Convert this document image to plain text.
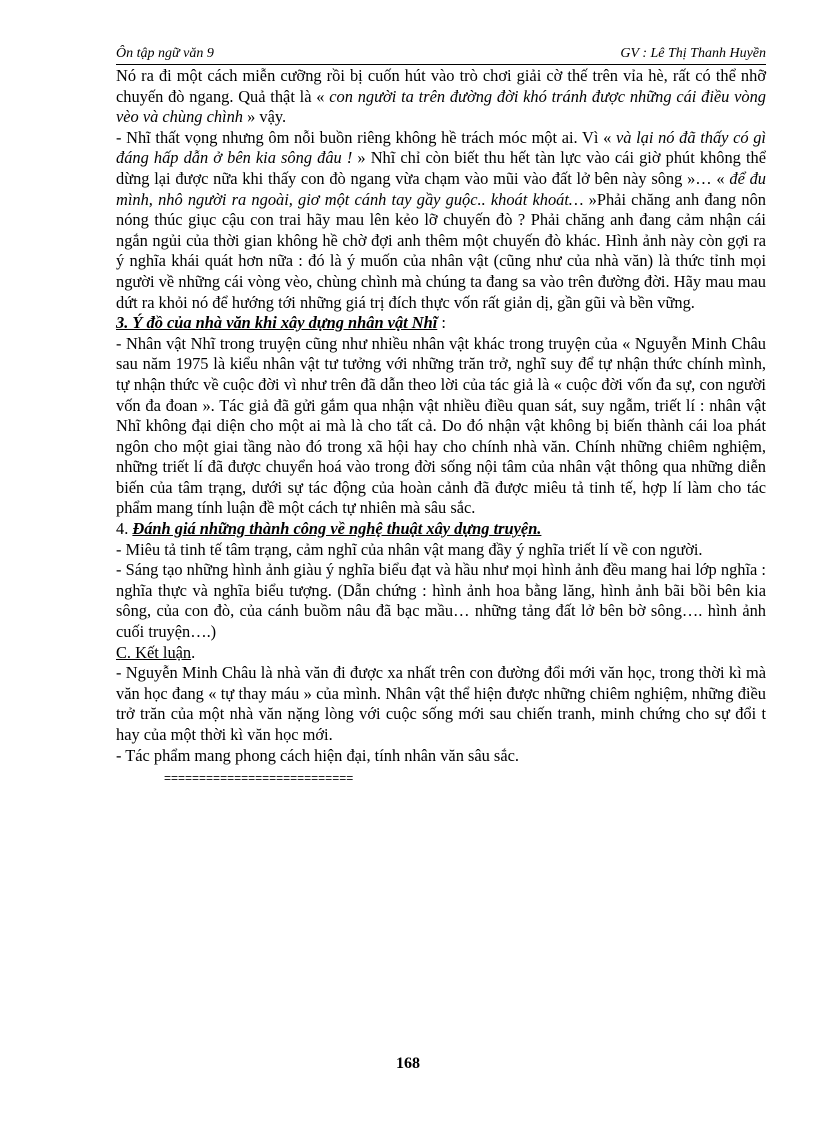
Ôn tập ngữ văn 9	GV : Lê Thị Thanh Huyền

Nó ra đi một cách miễn cưỡng rồi bị cuốn hút vào trò chơi giải cờ thế trên vỉa hè, rất có thể nhỡ chuyến đò ngang. Quả thật là « con người ta trên đường đời khó tránh được những cái điều vòng vèo và chùng chình » vậy.

- Nhĩ thất vọng nhưng ôm nỗi buồn riêng không hề trách móc một ai. Vì « và lại nó đã thấy có gì đáng hấp dẫn ở bên kia sông đâu ! » Nhĩ chỉ còn biết thu hết tàn lực vào cái giờ phút không thể dừng lại được nữa khi thấy con đò ngang vừa chạm vào mũi vào đất lở bên này sông »… « để đu mình, nhô người ra ngoài, giơ một cánh tay gầy guộc.. khoát khoát… »Phải chăng anh đang nôn nóng thúc giục cậu con trai hãy mau lên kẻo lỡ chuyến đò ? Phải chăng anh đang cảm nhận cái ngắn ngủi của thời gian không hề chờ đợi anh thêm một chuyến đò khác. Hình ảnh này còn gợi ra ý nghĩa khái quát hơn nữa : đó là ý muốn của nhân vật (cũng như của nhà văn) là thức tỉnh mọi người về những cái vòng vèo, chùng chình mà chúng ta đang sa vào trên đường đời. Hãy mau mau dứt ra khỏi nó để hướng tới những giá trị đích thực vốn rất giản dị, gần gũi và bền vững.

3. Ý đồ của nhà văn khi xây dựng nhân vật Nhĩ :

- Nhân vật Nhĩ trong truyện cũng như nhiều nhân vật khác trong truyện của « Nguyễn Minh Châu sau năm 1975 là kiểu nhân vật tư tưởng với những trăn trở, nghĩ suy để tự nhận thức chính mình, tự nhận thức về cuộc đời vì như trên đã dẫn theo lời của tác giả là « cuộc đời vốn đa sự, con người vốn đa đoan ». Tác giả đã gửi gắm qua nhận vật nhiều điều quan sát, suy ngẫm, triết lí : nhân vật Nhĩ không đại diện cho một ai mà là cho tất cả. Do đó nhận vật không bị biến thành cái loa phát ngôn cho một giai tầng nào đó trong xã hội hay cho chính nhà văn. Chính những chiêm nghiệm, những triết lí đã được chuyển hoá vào trong đời sống nội tâm của nhân vật thông qua những diễn biến của tâm trạng, dưới sự tác động của hoàn cảnh đã được miêu tả tinh tế, hợp lí làm cho tác phẩm mang tính luận đề một cách tự nhiên mà sâu sắc.

4. Đánh giá những thành công về nghệ thuật xây dựng truyện.

- Miêu tả tinh tế tâm trạng, cảm nghĩ của nhân vật mang đầy ý nghĩa triết lí về con người.

- Sáng tạo những hình ảnh giàu ý nghĩa biểu đạt và hầu như mọi hình ảnh đều mang hai lớp nghĩa : nghĩa thực và nghĩa biểu tượng. (Dẫn chứng : hình ảnh hoa bằng lăng, hình ảnh bãi bồi bên kia sông, của con đò, của cánh buồm nâu đã bạc mầu… những tảng đất lở bên bờ sông…. hình ảnh cuối truyện….)

C. Kết luận.

- Nguyễn Minh Châu là nhà văn đi được xa nhất trên con đường đổi mới văn học, trong thời kì mà văn học đang « tự thay máu » của mình. Nhân vật thể hiện được những chiêm nghiệm, những điều trở trăn của một nhà văn nặng lòng với cuộc sống mới sau chiến tranh, minh chứng cho sự đổi t hay của một thời kì văn học mới.

- Tác phẩm mang phong cách hiện đại, tính nhân văn sâu sắc.

===========================
168
